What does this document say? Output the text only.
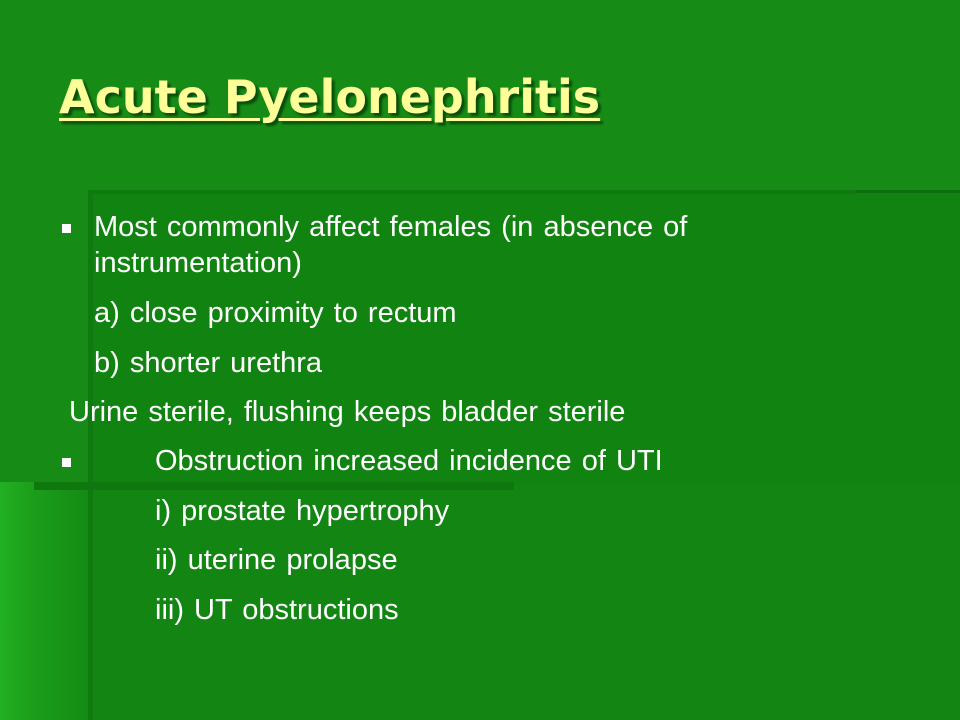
Acute Pyelonephritis

Most commonly affect females (in absence of

instrumentation)

a) close proximity to rectum

b) shorter urethra

Urine sterile, flushing keeps bladder sterile

Obstruction increased incidence of UTI

i) prostate hypertrophy

ii) uterine prolapse

iii) UT obstructions
